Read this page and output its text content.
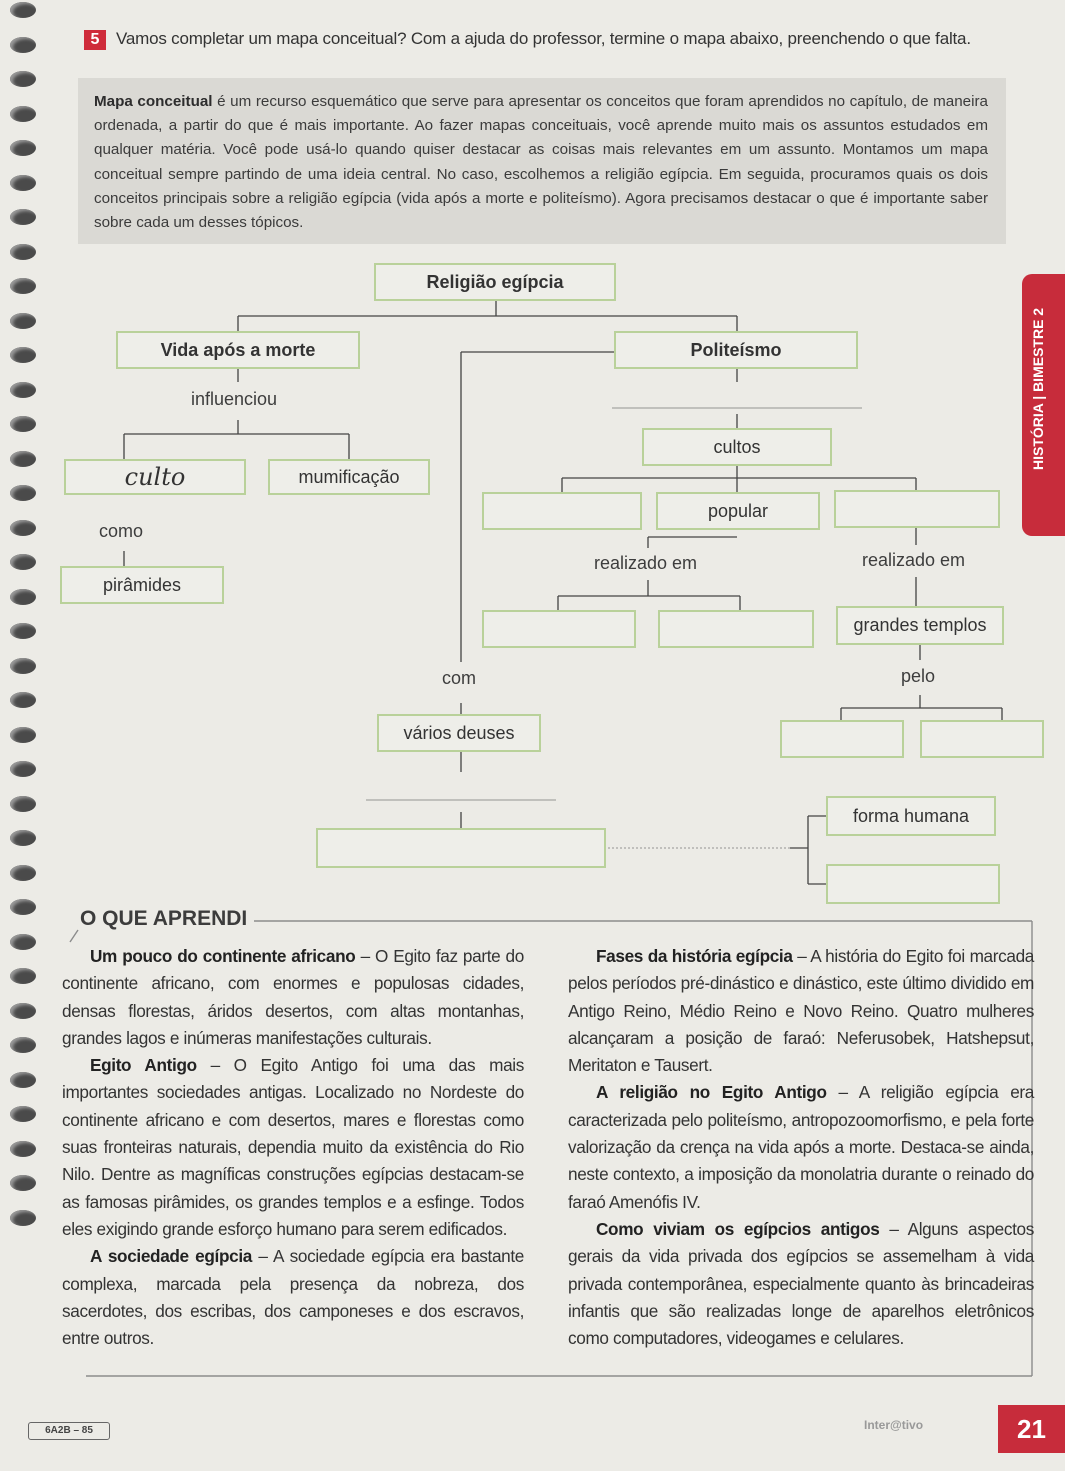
5 Vamos completar um mapa conceitual? Com a ajuda do professor, termine o mapa abaixo, preenchendo o que falta.
Mapa conceitual é um recurso esquemático que serve para apresentar os conceitos que foram aprendidos no capítulo, de maneira ordenada, a partir do que é mais importante. Ao fazer mapas conceituais, você aprende muito mais os assuntos estudados em qualquer matéria. Você pode usá-lo quando quiser destacar as coisas mais relevantes em um assunto. Montamos um mapa conceitual sempre partindo de uma ideia central. No caso, escolhemos a religião egípcia. Em seguida, procuramos quais os dois conceitos principais sobre a religião egípcia (vida após a morte e politeísmo). Agora precisamos destacar o que é importante saber sobre cada um desses tópicos.
Religião egípcia
Vida após a morte	Politeísmo
influenciou
culto	mumificação
como
pirâmides
cultos
popular
realizado em	realizado em
grandes templos
com	pelo
vários deuses
forma humana
HISTÓRIA | BIMESTRE 2
O QUE APRENDI
Um pouco do continente africano – O Egito faz parte do continente africano, com enormes e populosas cidades, densas florestas, áridos desertos, com altas montanhas, grandes lagos e inúmeras manifestações culturais.
Egito Antigo – O Egito Antigo foi uma das mais importantes sociedades antigas. Localizado no Nordeste do continente africano e com desertos, mares e florestas como suas fronteiras naturais, dependia muito da existência do Rio Nilo. Dentre as magníficas construções egípcias destacam-se as famosas pirâmides, os grandes templos e a esfinge. Todos eles exigindo grande esforço humano para serem edificados.
A sociedade egípcia – A sociedade egípcia era bastante complexa, marcada pela presença da nobreza, dos sacerdotes, dos escribas, dos camponeses e dos escravos, entre outros.
Fases da história egípcia – A história do Egito foi marcada pelos períodos pré-dinástico e dinástico, este último dividido em Antigo Reino, Médio Reino e Novo Reino. Quatro mulheres alcançaram a posição de faraó: Neferusobek, Hatshepsut, Meritaton e Tausert.
A religião no Egito Antigo – A religião egípcia era caracterizada pelo politeísmo, antropozoomorfismo, e pela forte valorização da crença na vida após a morte. Destaca-se ainda, neste contexto, a imposição da monolatria durante o reinado do faraó Amenófis IV.
Como viviam os egípcios antigos – Alguns aspectos gerais da vida privada dos egípcios se assemelham à vida privada contemporânea, especialmente quanto às brincadeiras infantis que são realizadas longe de aparelhos eletrônicos como computadores, videogames e celulares.
6A2B – 85	Inter@tivo	21
